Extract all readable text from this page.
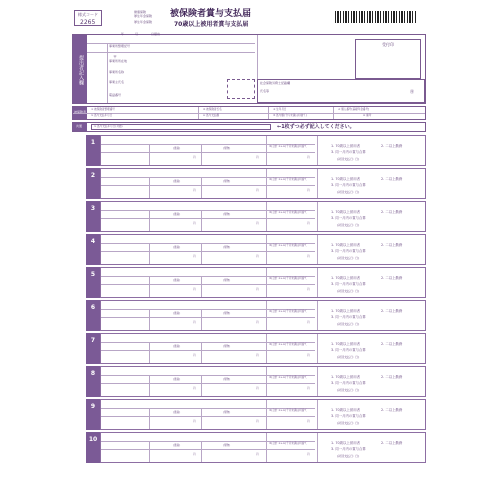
様式コード
2265
健康保険
厚生年金保険
厚生年金保険
被保険者賞与支払届
70歳以上被用者賞与支払届
提出者記入欄
年	月	日提出
事業所整理記号
〒
事業所所在地
事業所名称
事業主氏名
電話番号
受付印
社会保険労務士記載欄
氏名等	㊞
被保険者
① 被保険者整理番号	② 被保険者氏名	③ 生年月日	④ 個人番号[基礎年金番号]
⑤ 賞与支払年月日	⑥ 賞与支払額	⑦ 賞与額(千円未満は切捨て)	⑧ 備考
共通	⑤ 賞与支払年月日(共通)	←1枚ずつ必ず記入してください。
1
(通貨)	(現物)
円	円
⑦(合計 ⑤+⑥)千円未満は切捨て
円
1. 70歳以上被用者	2. 二以上勤務
3. 同一月内の賞与合算
(初回支払日: 日)
2
(通貨)	(現物)
円	円
⑦(合計 ⑤+⑥)千円未満は切捨て
円
1. 70歳以上被用者	2. 二以上勤務
3. 同一月内の賞与合算
(初回支払日: 日)
3
(通貨)	(現物)
円	円
⑦(合計 ⑤+⑥)千円未満は切捨て
円
1. 70歳以上被用者	2. 二以上勤務
3. 同一月内の賞与合算
(初回支払日: 日)
4
(通貨)	(現物)
円	円
⑦(合計 ⑤+⑥)千円未満は切捨て
円
1. 70歳以上被用者	2. 二以上勤務
3. 同一月内の賞与合算
(初回支払日: 日)
5
(通貨)	(現物)
円	円
⑦(合計 ⑤+⑥)千円未満は切捨て
円
1. 70歳以上被用者	2. 二以上勤務
3. 同一月内の賞与合算
(初回支払日: 日)
6
(通貨)	(現物)
円	円
⑦(合計 ⑤+⑥)千円未満は切捨て
円
1. 70歳以上被用者	2. 二以上勤務
3. 同一月内の賞与合算
(初回支払日: 日)
7
(通貨)	(現物)
円	円
⑦(合計 ⑤+⑥)千円未満は切捨て
円
1. 70歳以上被用者	2. 二以上勤務
3. 同一月内の賞与合算
(初回支払日: 日)
8
(通貨)	(現物)
円	円
⑦(合計 ⑤+⑥)千円未満は切捨て
円
1. 70歳以上被用者	2. 二以上勤務
3. 同一月内の賞与合算
(初回支払日: 日)
9
(通貨)	(現物)
円	円
⑦(合計 ⑤+⑥)千円未満は切捨て
円
1. 70歳以上被用者	2. 二以上勤務
3. 同一月内の賞与合算
(初回支払日: 日)
10
(通貨)	(現物)
円	円
⑦(合計 ⑤+⑥)千円未満は切捨て
円
1. 70歳以上被用者	2. 二以上勤務
3. 同一月内の賞与合算
(初回支払日: 日)
